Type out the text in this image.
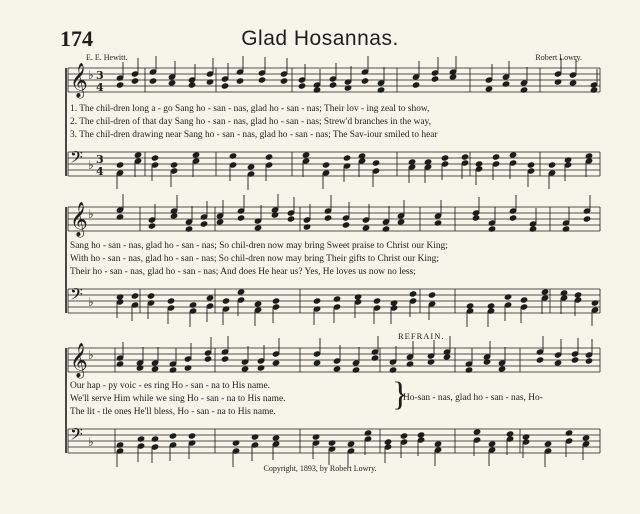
174	Glad Hosannas.
E. E. Hewitt.	Robert Lowry.
𝄞 ♭ 3
4
𝄢 ♭ 3
4
𝄞 ♭
𝄢 ♭
𝄞 ♭
𝄢 ♭
1. The chil-dren long a - go Sang ho - san - nas, glad ho - san - nas; Their lov - ing zeal to show,
2. The chil-dren of that day Sang ho - san - nas, glad ho - san - nas; Strew'd branches in the way,
3. The chil-dren drawing near Sang ho - san - nas, glad ho - san - nas; The Sav-iour smiled to hear
Sang ho - san - nas, glad ho - san - nas; So chil-dren now may bring Sweet praise to Christ our King;
With ho - san - nas, glad ho - san - nas; So chil-dren now may bring Their gifts to Christ our King;
Their ho - san - nas, glad ho - san - nas; And does He hear us? Yes, He loves us now no less;
REFRAIN.
Our hap - py voic - es ring Ho - san - na to His name.
We'll serve Him while we sing Ho - san - na to His name.
The lit - tle ones He'll bless, Ho - san - na to His name.	}
Ho-san - nas, glad ho - san - nas, Ho-
Copyright, 1893, by Robert Lowry.
